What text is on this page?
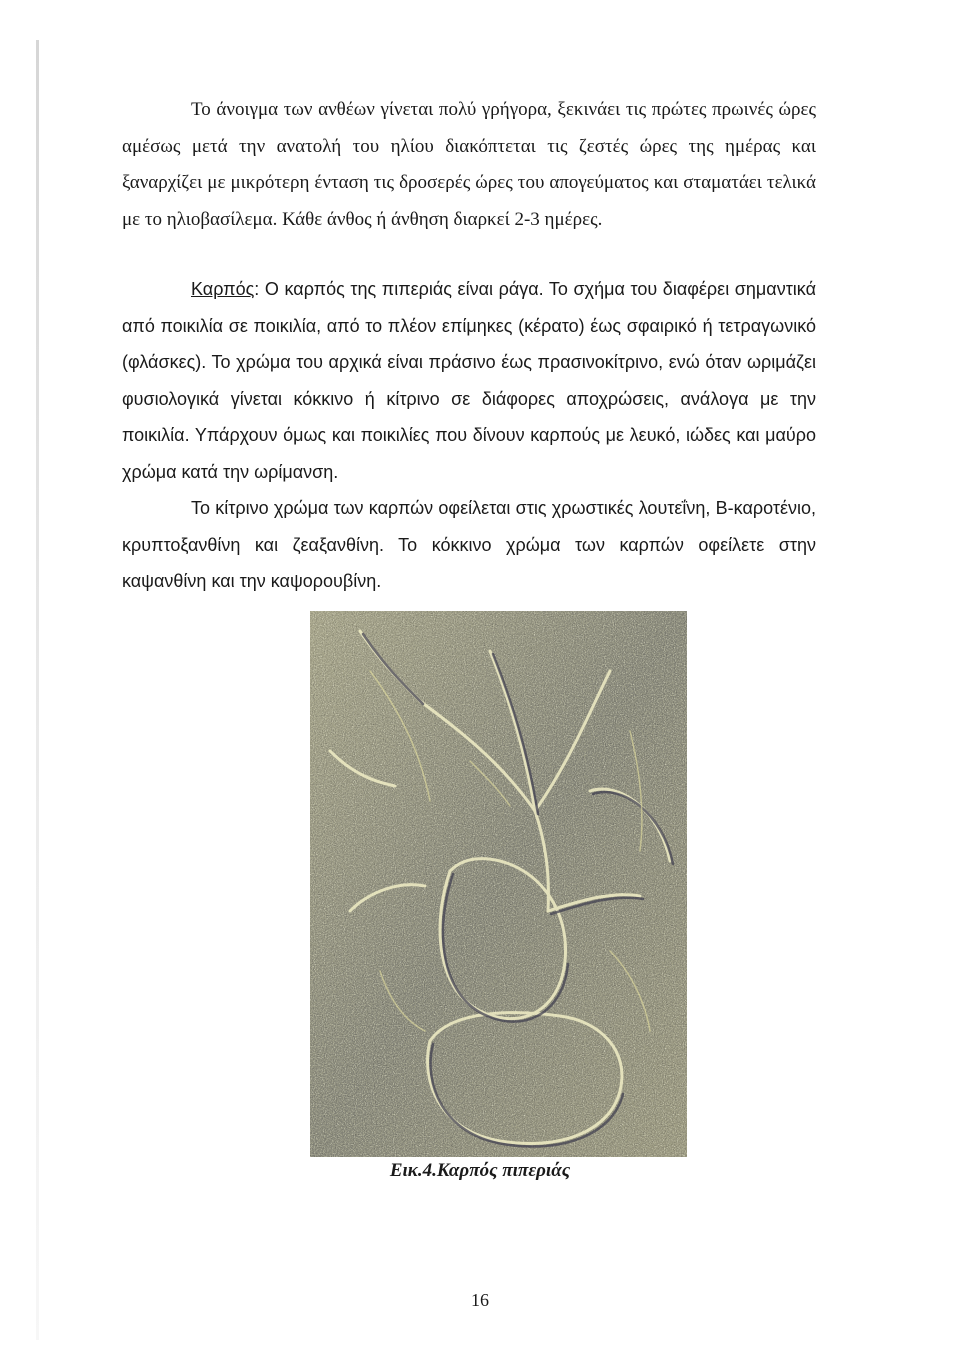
Το άνοιγμα των ανθέων γίνεται πολύ γρήγορα, ξεκινάει τις πρώτες πρωινές ώρες αμέσως μετά την ανατολή του ηλίου διακόπτεται τις ζεστές ώρες της ημέρας και ξαναρχίζει με μικρότερη ένταση τις δροσερές ώρες του απογεύματος και σταματάει τελικά με το ηλιοβασίλεμα. Κάθε άνθος ή άνθηση διαρκεί 2-3 ημέρες.

Καρπός: Ο καρπός της πιπεριάς είναι ράγα. Το σχήμα του διαφέρει σημαντικά από ποικιλία σε ποικιλία, από το πλέον επίμηκες (κέρατο) έως σφαιρικό ή τετραγωνικό (φλάσκες). Το χρώμα του αρχικά είναι πράσινο έως πρασινοκίτρινο, ενώ όταν ωριμάζει φυσιολογικά γίνεται κόκκινο ή κίτρινο σε διάφορες αποχρώσεις, ανάλογα με την ποικιλία. Υπάρχουν όμως και ποικιλίες που δίνουν καρπούς με λευκό, ιώδες και μαύρο χρώμα κατά την ωρίμανση.

Το κίτρινο χρώμα των καρπών οφείλεται στις χρωστικές λουτεΐνη, Β-καροτένιο, κρυπτοξανθίνη και ζεαξανθίνη. Το κόκκινο χρώμα των καρπών οφείλετε στην καψανθίνη και την καψορουβίνη.

Εικ.4.Καρπός πιπεριάς
16
